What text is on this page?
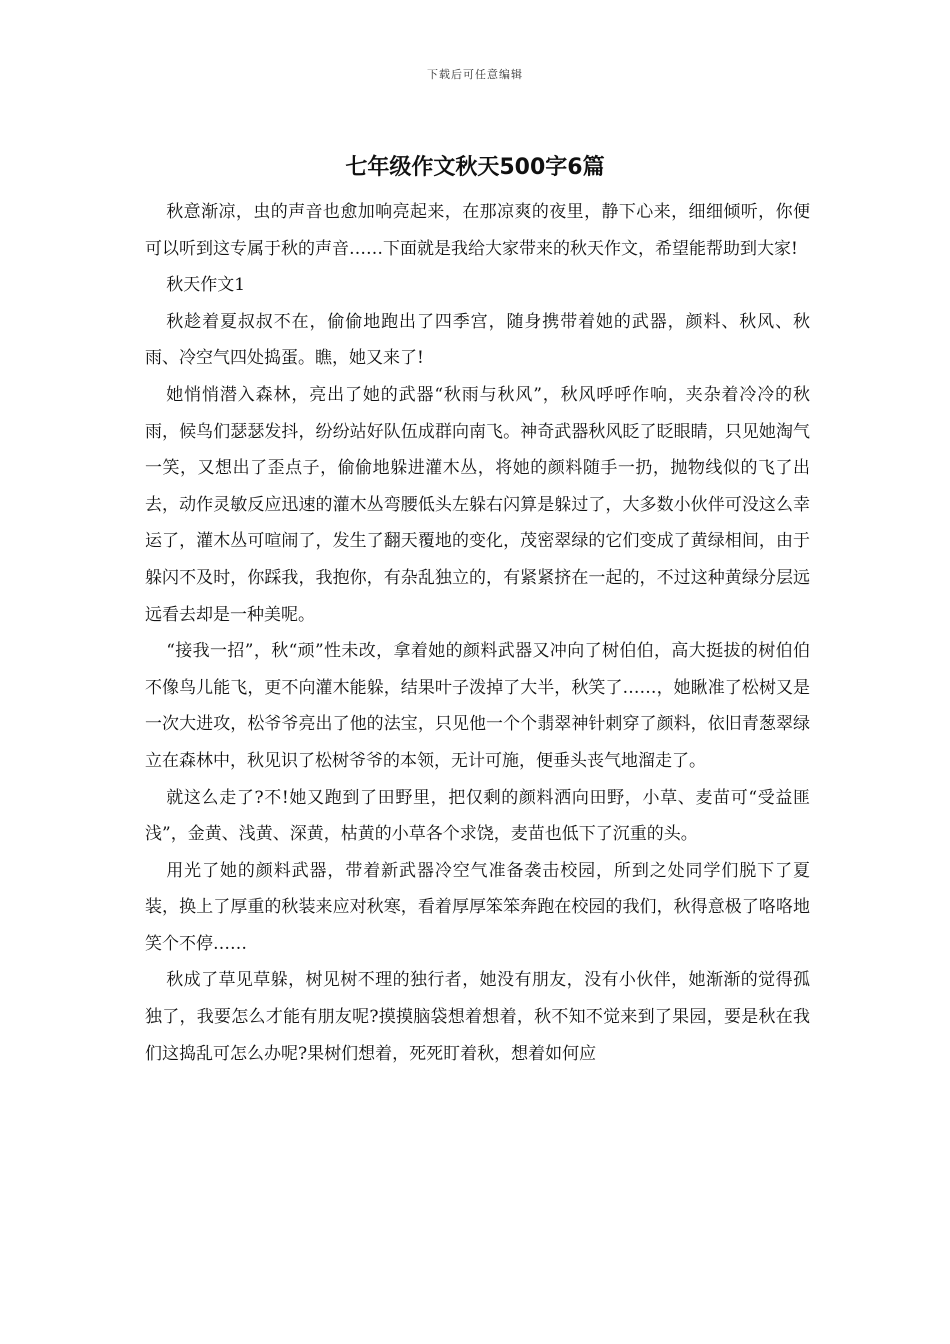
下载后可任意编辑
七年级作文秋天500字6篇

秋意渐凉，虫的声音也愈加响亮起来，在那凉爽的夜里，静下心来，细细倾听，你便可以听到这专属于秋的声音……下面就是我给大家带来的秋天作文，希望能帮助到大家!

秋天作文1

秋趁着夏叔叔不在，偷偷地跑出了四季宫，随身携带着她的武器，颜料、秋风、秋雨、冷空气四处捣蛋。瞧，她又来了!

她悄悄潜入森林，亮出了她的武器“秋雨与秋风”，秋风呼呼作响，夹杂着冷冷的秋雨，候鸟们瑟瑟发抖，纷纷站好队伍成群向南飞。神奇武器秋风眨了眨眼睛，只见她淘气一笑，又想出了歪点子，偷偷地躲进灌木丛，将她的颜料随手一扔，抛物线似的飞了出去，动作灵敏反应迅速的灌木丛弯腰低头左躲右闪算是躲过了，大多数小伙伴可没这么幸运了，灌木丛可喧闹了，发生了翻天覆地的变化，茂密翠绿的它们变成了黄绿相间，由于躲闪不及时，你踩我，我抱你，有杂乱独立的，有紧紧挤在一起的，不过这种黄绿分层远远看去却是一种美呢。

“接我一招”，秋“顽”性未改，拿着她的颜料武器又冲向了树伯伯，高大挺拔的树伯伯不像鸟儿能飞，更不向灌木能躲，结果叶子泼掉了大半，秋笑了……，她瞅准了松树又是一次大进攻，松爷爷亮出了他的法宝，只见他一个个翡翠神针刺穿了颜料，依旧青葱翠绿立在森林中，秋见识了松树爷爷的本领，无计可施，便垂头丧气地溜走了。

就这么走了?不!她又跑到了田野里，把仅剩的颜料洒向田野，小草、麦苗可“受益匪浅”，金黄、浅黄、深黄，枯黄的小草各个求饶，麦苗也低下了沉重的头。

用光了她的颜料武器，带着新武器冷空气准备袭击校园，所到之处同学们脱下了夏装，换上了厚重的秋装来应对秋寒，看着厚厚笨笨奔跑在校园的我们，秋得意极了咯咯地笑个不停……

秋成了草见草躲，树见树不理的独行者，她没有朋友，没有小伙伴，她渐渐的觉得孤独了，我要怎么才能有朋友呢?摸摸脑袋想着想着，秋不知不觉来到了果园，要是秋在我们这捣乱可怎么办呢?果树们想着，死死盯着秋，想着如何应
